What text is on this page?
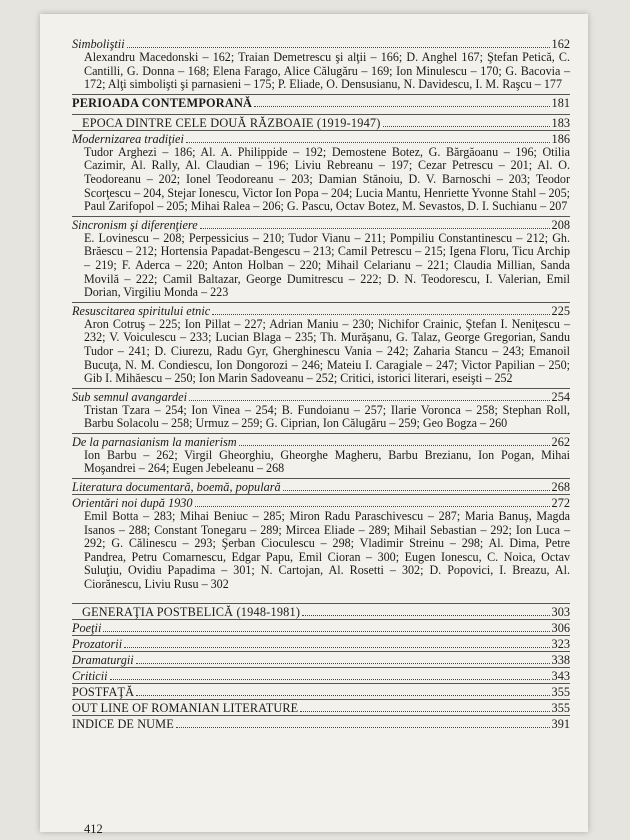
Simboliştii	162

Alexandru Macedonski – 162; Traian Demetrescu şi alţii – 166; D. Anghel 167; Ştefan Petică, C. Cantilli, G. Donna – 168; Elena Farago, Alice Călugăru – 169; Ion Minulescu – 170; G. Bacovia – 172; Alţi simbolişti şi parnasieni – 175; P. Eliade, O. Densusianu, N. Davidescu, I. M. Raşcu – 177

PERIOADA CONTEMPORANĂ	181
EPOCA DINTRE CELE DOUĂ RĂZBOAIE (1919-1947)	183
Modernizarea tradiţiei	186

Tudor Arghezi – 186; Al. A. Philippide – 192; Demostene Botez, G. Bărgăoanu – 196; Otilia Cazimir, Al. Rally, Al. Claudian – 196; Liviu Rebreanu – 197; Cezar Petrescu – 201; Al. O. Teodoreanu – 202; Ionel Teodoreanu – 203; Damian Stănoiu, D. V. Barnoschi – 203; Teodor Scorţescu – 204, Stejar Ionescu, Victor Ion Popa – 204; Lucia Mantu, Henriette Yvonne Stahl – 205; Paul Zarifopol – 205; Mihai Ralea – 206; G. Pascu, Octav Botez, M. Sevastos, D. I. Suchianu – 207

Sincronism şi diferenţiere	208

E. Lovinescu – 208; Perpessicius – 210; Tudor Vianu – 211; Pompiliu Constantinescu – 212; Gh. Brăescu – 212; Hortensia Papadat-Bengescu – 213; Camil Petrescu – 215; Igena Floru, Ticu Archip – 219; F. Aderca – 220; Anton Holban – 220; Mihail Celarianu – 221; Claudia Millian, Sanda Movilă – 222; Camil Baltazar, George Dumitrescu – 222; D. N. Teodorescu, I. Valerian, Emil Dorian, Virgiliu Monda – 223

Resuscitarea spiritului etnic	225

Aron Cotruş – 225; Ion Pillat – 227; Adrian Maniu – 230; Nichifor Crainic, Ştefan I. Neniţescu – 232; V. Voiculescu – 233; Lucian Blaga – 235; Th. Murăşanu, G. Talaz, George Gregorian, Sandu Tudor – 241; D. Ciurezu, Radu Gyr, Gherghinescu Vania – 242; Zaharia Stancu – 243; Emanoil Bucuţa, N. M. Condiescu, Ion Dongorozi – 246; Mateiu I. Caragiale – 247; Victor Papilian – 250; Gib I. Mihăescu – 250; Ion Marin Sadoveanu – 252; Critici, istorici literari, eseişti – 252

Sub semnul avangardei	254

Tristan Tzara – 254; Ion Vinea – 254; B. Fundoianu – 257; Ilarie Voronca – 258; Stephan Roll, Barbu Solacolu – 258; Urmuz – 259; G. Ciprian, Ion Călugăru – 259; Geo Bogza – 260

De la parnasianism la manierism	262

Ion Barbu – 262; Virgil Gheorghiu, Gheorghe Magheru, Barbu Brezianu, Ion Pogan, Mihai Moşandrei – 264; Eugen Jebeleanu – 268

Literatura documentară, boemă, populară	268
Orientări noi după 1930	272

Emil Botta – 283; Mihai Beniuc – 285; Miron Radu Paraschivescu – 287; Maria Banuş, Magda Isanos – 288; Constant Tonegaru – 289; Mircea Eliade – 289; Mihail Sebastian – 292; Ion Luca – 292; G. Călinescu – 293; Şerban Cioculescu – 298; Vladimir Streinu – 298; Al. Dima, Petre Pandrea, Petru Comarnescu, Edgar Papu, Emil Cioran – 300; Eugen Ionescu, C. Noica, Octav Suluţiu, Ovidiu Papadima – 301; N. Cartojan, Al. Rosetti – 302; D. Popovici, I. Breazu, Al. Ciorănescu, Liviu Rusu – 302

GENERAŢIA POSTBELICĂ (1948-1981)	303
Poeţii	306
Prozatorii	323
Dramaturgii	338
Criticii	343
POSTFAŢĂ	355
OUT LINE OF ROMANIAN LITERATURE	355
INDICE DE NUME	391
412
